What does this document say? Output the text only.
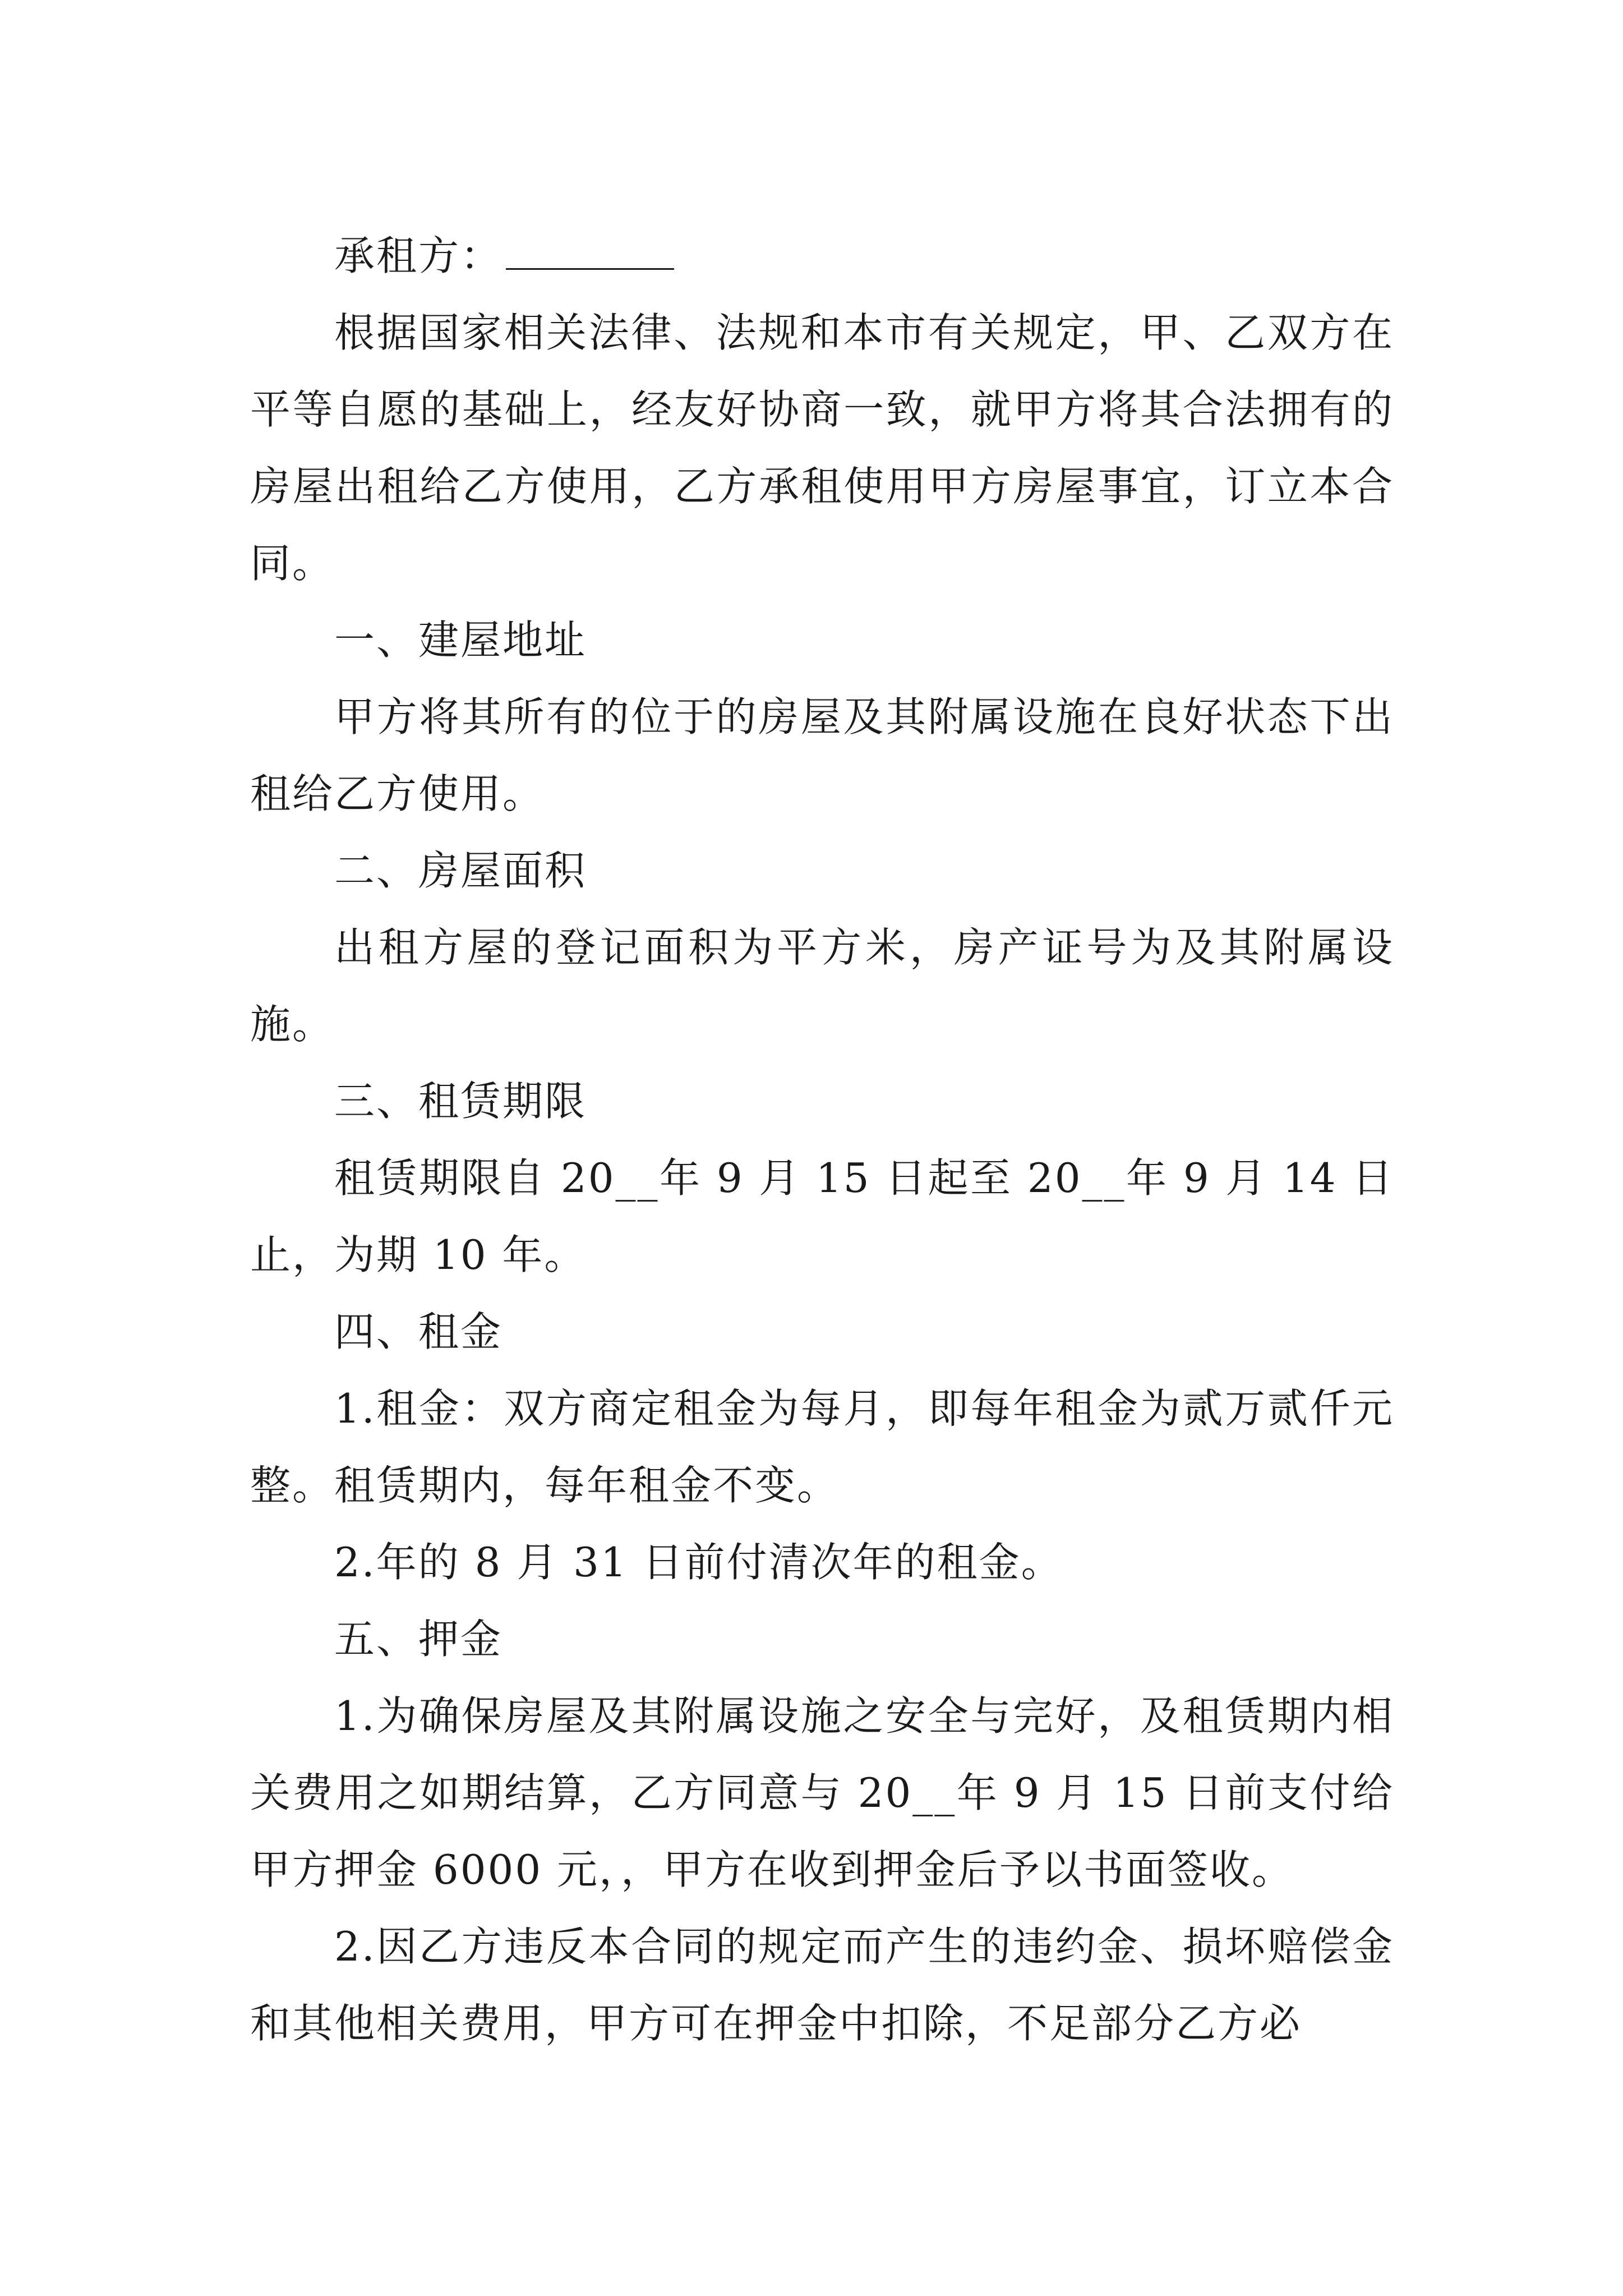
承租方：

根据国家相关法律、法规和本市有关规定，甲、乙双方在平等自愿的基础上，经友好协商一致，就甲方将其合法拥有的房屋出租给乙方使用，乙方承租使用甲方房屋事宜，订立本合同。

一、建屋地址

甲方将其所有的位于的房屋及其附属设施在良好状态下出租给乙方使用。

二、房屋面积

出租方屋的登记面积为平方米，房产证号为及其附属设施。

三、租赁期限

租赁期限自 20__年 9 月 15 日起至 20__年 9 月 14 日止，为期 10 年。

四、租金

1.租金：双方商定租金为每月，即每年租金为贰万贰仟元整。租赁期内，每年租金不变。

2.年的 8 月 31 日前付清次年的租金。

五、押金

1.为确保房屋及其附属设施之安全与完好，及租赁期内相关费用之如期结算，乙方同意与 20__年 9 月 15 日前支付给甲方押金 6000 元，，甲方在收到押金后予以书面签收。

2.因乙方违反本合同的规定而产生的违约金、损坏赔偿金和其他相关费用，甲方可在押金中扣除，不足部分乙方必
